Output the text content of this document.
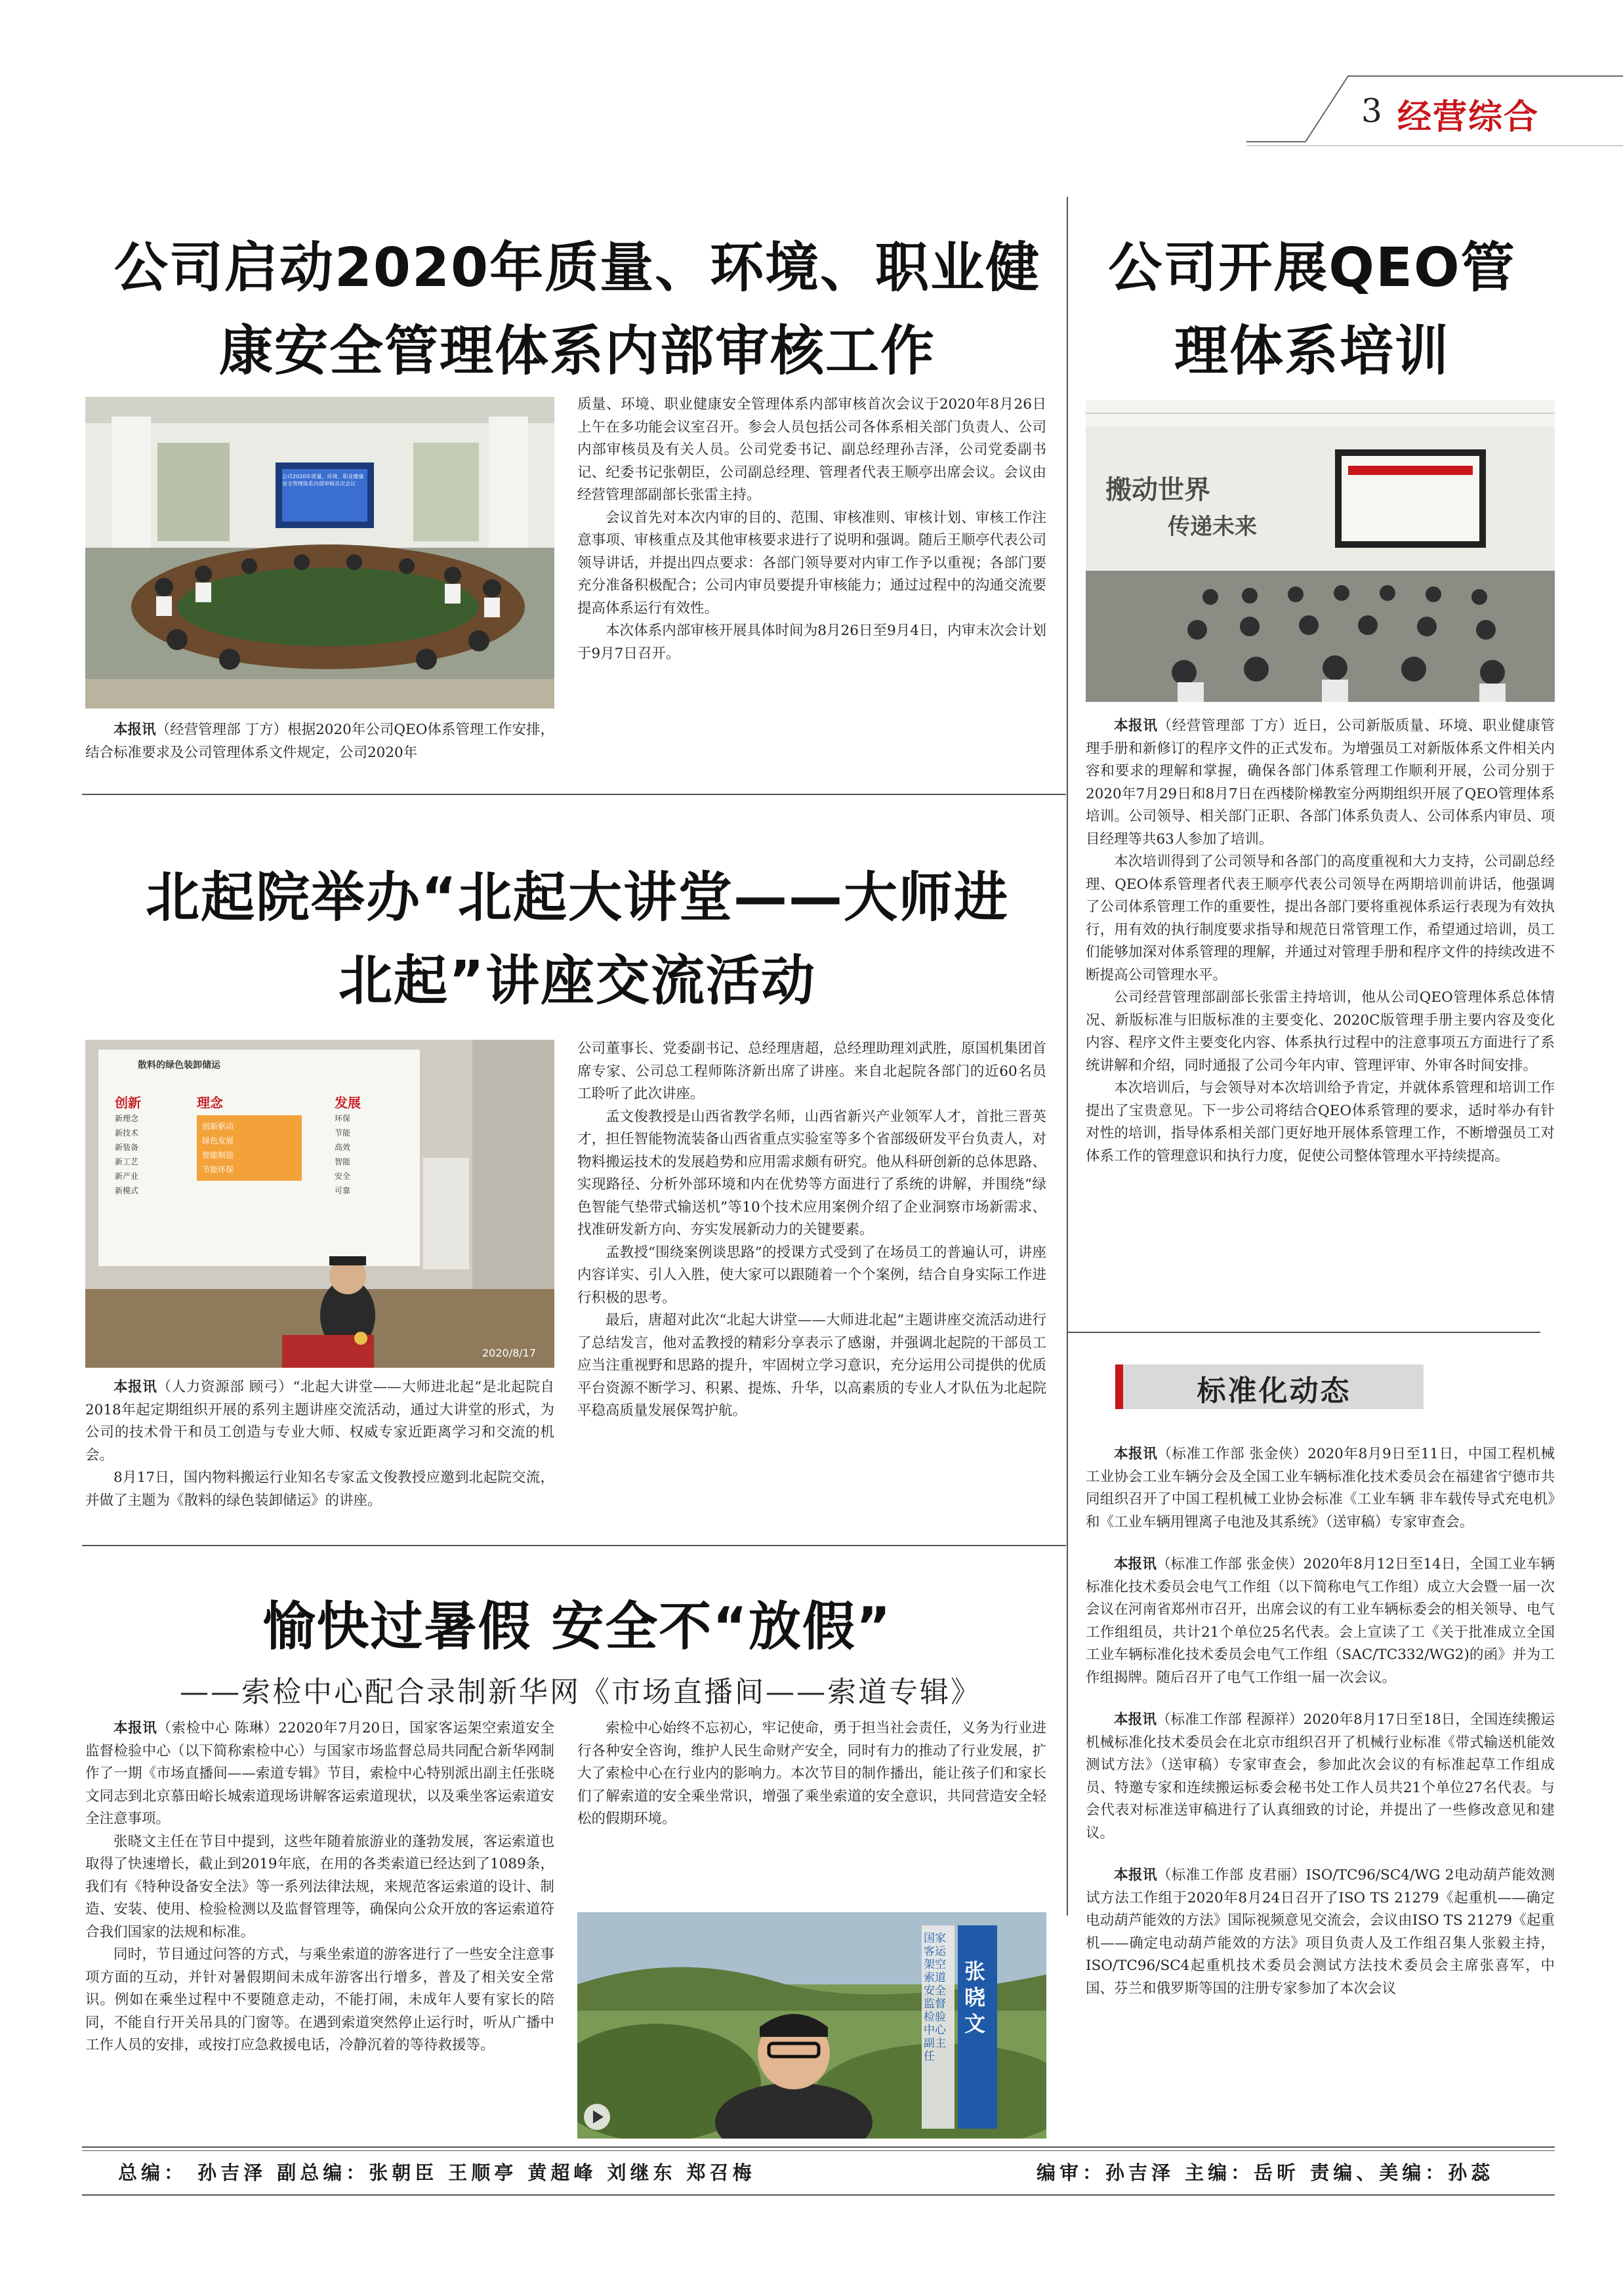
3 经营综合
公司启动2020年质量、环境、职业健
康安全管理体系内部审核工作
公司2020年质量、环境、职业健康安全管理体系内部审核首次会议

本报讯（经营管理部 丁方）根据2020年公司QEO体系管理工作安排，结合标准要求及公司管理体系文件规定，公司2020年

质量、环境、职业健康安全管理体系内部审核首次会议于2020年8月26日上午在多功能会议室召开。参会人员包括公司各体系相关部门负责人、公司内部审核员及有关人员。公司党委书记、副总经理孙吉泽，公司党委副书记、纪委书记张朝臣，公司副总经理、管理者代表王顺亭出席会议。会议由经营管理部副部长张雷主持。

会议首先对本次内审的目的、范围、审核准则、审核计划、审核工作注意事项、审核重点及其他审核要求进行了说明和强调。随后王顺亭代表公司领导讲话，并提出四点要求：各部门领导要对内审工作予以重视；各部门要充分准备积极配合；公司内审员要提升审核能力；通过过程中的沟通交流要提高体系运行有效性。

本次体系内部审核开展具体时间为8月26日至9月4日，内审末次会计划于9月7日召开。

公司开展QEO管
理体系培训
搬动世界
传递未来

本报讯（经营管理部 丁方）近日，公司新版质量、环境、职业健康管理手册和新修订的程序文件的正式发布。为增强员工对新版体系文件相关内容和要求的理解和掌握，确保各部门体系管理工作顺利开展，公司分别于2020年7月29日和8月7日在西楼阶梯教室分两期组织开展了QEO管理体系培训。公司领导、相关部门正职、各部门体系负责人、公司体系内审员、项目经理等共63人参加了培训。

本次培训得到了公司领导和各部门的高度重视和大力支持，公司副总经理、QEO体系管理者代表王顺亭代表公司领导在两期培训前讲话，他强调了公司体系管理工作的重要性，提出各部门要将重视体系运行表现为有效执行，用有效的执行制度要求指导和规范日常管理工作，希望通过培训，员工们能够加深对体系管理的理解，并通过对管理手册和程序文件的持续改进不断提高公司管理水平。

公司经营管理部副部长张雷主持培训，他从公司QEO管理体系总体情况、新版标准与旧版标准的主要变化、2020C版管理手册主要内容及变化内容、程序文件主要变化内容、体系执行过程中的注意事项五方面进行了系统讲解和介绍，同时通报了公司今年内审、管理评审、外审各时间安排。

本次培训后，与会领导对本次培训给予肯定，并就体系管理和培训工作提出了宝贵意见。下一步公司将结合QEO体系管理的要求，适时举办有针对性的培训，指导体系相关部门更好地开展体系管理工作，不断增强员工对体系工作的管理意识和执行力度，促使公司整体管理水平持续提高。

北起院举办“北起大讲堂——大师进
北起”讲座交流活动
散料的绿色装卸储运
创新
新理念
新技术
新装备
新工艺
新产业
新模式
理念
创新驱动
绿色发展
智能制造
节能环保
发展
环保
节能
高效
智能
安全
可靠
2020/8/17

本报讯（人力资源部 顾弓）“北起大讲堂——大师进北起”是北起院自2018年起定期组织开展的系列主题讲座交流活动，通过大讲堂的形式，为公司的技术骨干和员工创造与专业大师、权威专家近距离学习和交流的机会。

8月17日，国内物料搬运行业知名专家孟文俊教授应邀到北起院交流，并做了主题为《散料的绿色装卸储运》的讲座。

公司董事长、党委副书记、总经理唐超，总经理助理刘武胜，原国机集团首席专家、公司总工程师陈济新出席了讲座。来自北起院各部门的近60名员工聆听了此次讲座。

孟文俊教授是山西省教学名师，山西省新兴产业领军人才，首批三晋英才，担任智能物流装备山西省重点实验室等多个省部级研发平台负责人，对物料搬运技术的发展趋势和应用需求颇有研究。他从科研创新的总体思路、实现路径、分析外部环境和内在优势等方面进行了系统的讲解，并围绕“绿色智能气垫带式输送机”等10个技术应用案例介绍了企业洞察市场新需求、找准研发新方向、夯实发展新动力的关键要素。

孟教授“围绕案例谈思路”的授课方式受到了在场员工的普遍认可，讲座内容详实、引人入胜，使大家可以跟随着一个个案例，结合自身实际工作进行积极的思考。

最后，唐超对此次“北起大讲堂——大师进北起”主题讲座交流活动进行了总结发言，他对孟教授的精彩分享表示了感谢，并强调北起院的干部员工应当注重视野和思路的提升，牢固树立学习意识，充分运用公司提供的优质平台资源不断学习、积累、提炼、升华，以高素质的专业人才队伍为北起院平稳高质量发展保驾护航。

愉快过暑假 安全不“放假”
——索检中心配合录制新华网《市场直播间——索道专辑》

本报讯（索检中心 陈琳）22020年7月20日，国家客运架空索道安全监督检验中心（以下简称索检中心）与国家市场监督总局共同配合新华网制作了一期《市场直播间——索道专辑》节目，索检中心特别派出副主任张晓文同志到北京慕田峪长城索道现场讲解客运索道现状，以及乘坐客运索道安全注意事项。

张晓文主任在节目中提到，这些年随着旅游业的蓬勃发展，客运索道也取得了快速增长，截止到2019年底，在用的各类索道已经达到了1089条，我们有《特种设备安全法》等一系列法律法规，来规范客运索道的设计、制造、安装、使用、检验检测以及监督管理等，确保向公众开放的客运索道符合我们国家的法规和标准。

同时，节目通过问答的方式，与乘坐索道的游客进行了一些安全注意事项方面的互动，并针对暑假期间未成年游客出行增多，普及了相关安全常识。例如在乘坐过程中不要随意走动，不能打闹，未成年人要有家长的陪同，不能自行开关吊具的门窗等。在遇到索道突然停止运行时，听从广播中工作人员的安排，或按打应急救援电话，冷静沉着的等待救援等。

索检中心始终不忘初心，牢记使命，勇于担当社会责任，义务为行业进行各种安全咨询，维护人民生命财产安全，同时有力的推动了行业发展，扩大了索检中心在行业内的影响力。本次节目的制作播出，能让孩子们和家长们了解索道的安全乘坐常识，增强了乘坐索道的安全意识，共同营造安全轻松的假期环境。

国家客运架空索道安全监督检验中心副主任
张晓文
标准化动态

本报讯（标准工作部 张金侠）2020年8月9日至11日，中国工程机械工业协会工业车辆分会及全国工业车辆标准化技术委员会在福建省宁德市共同组织召开了中国工程机械工业协会标准《工业车辆 非车载传导式充电机》和《工业车辆用锂离子电池及其系统》（送审稿）专家审查会。

本报讯（标准工作部 张金侠）2020年8月12日至14日，全国工业车辆标准化技术委员会电气工作组（以下简称电气工作组）成立大会暨一届一次会议在河南省郑州市召开，出席会议的有工业车辆标委会的相关领导、电气工作组组员，共计21个单位25名代表。会上宣读了工《关于批准成立全国工业车辆标准化技术委员会电气工作组（SAC/TC332/WG2)的函》并为工作组揭牌。随后召开了电气工作组一届一次会议。

本报讯（标准工作部 程源祥）2020年8月17日至18日，全国连续搬运机械标准化技术委员会在北京市组织召开了机械行业标准《带式输送机能效测试方法》（送审稿）专家审查会，参加此次会议的有标准起草工作组成员、特邀专家和连续搬运标委会秘书处工作人员共21个单位27名代表。与会代表对标准送审稿进行了认真细致的讨论，并提出了一些修改意见和建议。

本报讯（标准工作部 皮君丽）ISO/TC96/SC4/WG 2电动葫芦能效测试方法工作组于2020年8月24日召开了ISO TS 21279《起重机——确定电动葫芦能效的方法》国际视频意见交流会，会议由ISO TS 21279《起重机——确定电动葫芦能效的方法》项目负责人及工作组召集人张毅主持，ISO/TC96/SC4起重机技术委员会测试方法技术委员会主席张喜军，中国、芬兰和俄罗斯等国的注册专家参加了本次会议

总编： 孙吉泽 副总编：张朝臣 王顺亭 黄超峰 刘继东 郑召梅	编审：孙吉泽 主编：岳昕 责编、美编：孙蕊
